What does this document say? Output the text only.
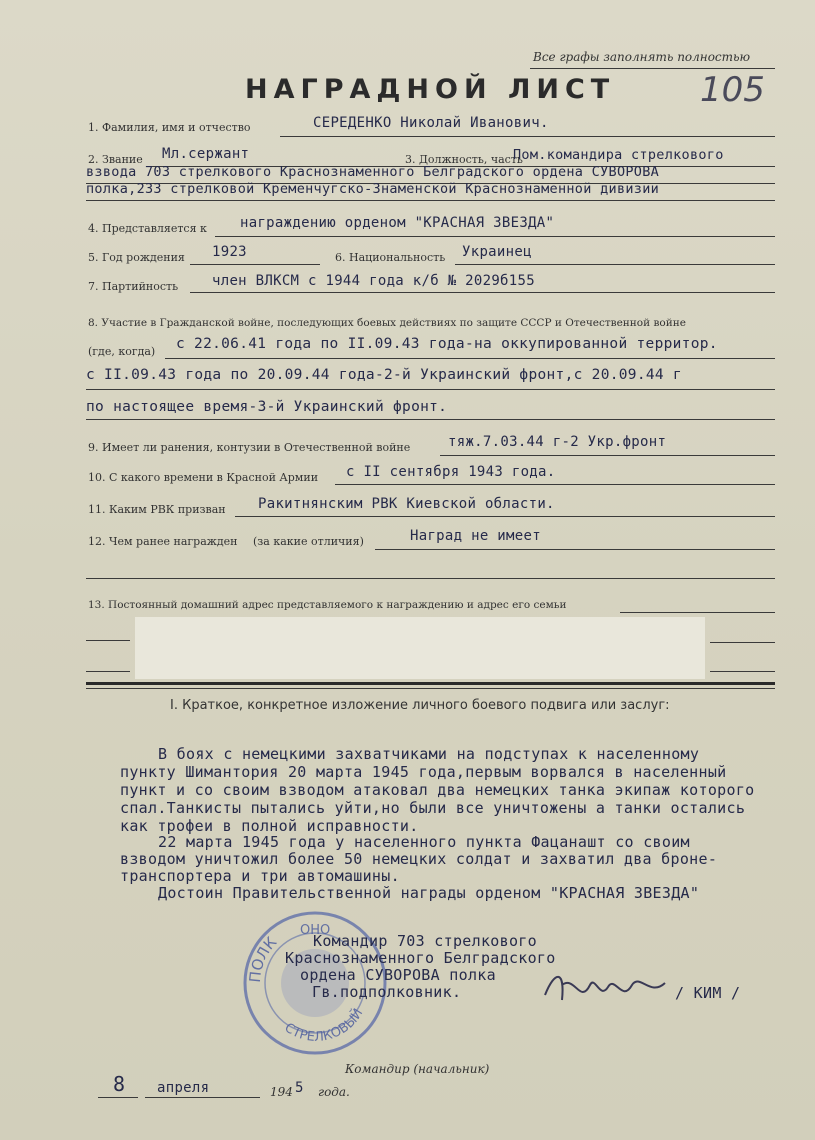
Все графы заполнять полностью
НАГРАДНОЙ ЛИСТ 105
1. Фамилия, имя и отчество	СЕРЕДЕНКО Николай Иванович.
2. Звание Мл.сержант	3. Должность, часть
Пом.командира стрелкового
взвода 703 стрелкового Краснознаменного Белградского ордена СУВОРОВА
полка,233 стрелковой Кременчугско-Знаменской Краснознаменной дивизии
4. Представляется к награждению орденом "КРАСНАЯ ЗВЕЗДА"
5. Год рождения 1923	6. Национальность Украинец
7. Партийность член ВЛКСМ с 1944 года к/б № 2029б155
8. Участие в Гражданской войне, последующих боевых действиях по защите СССР и Отечественной войне
(где, когда) с 22.06.41 года по II.09.43 года-на оккупированной территор.
с II.09.43 года по 20.09.44 года-2-й Украинский фронт,с 20.09.44 г
по настоящее время-3-й Украинский фронт.
9. Имеет ли ранения, контузии в Отечественной войне	тяж.7.03.44 г-2 Укр.фронт
10. С какого времени в Красной Армии с II сентября 1943 года.
11. Каким РВК призван Ракитнянским РВК Киевской области.
12. Чем ранее награжден (за какие отличия)	Наград не имеет
13. Постоянный домашний адрес представляемого к награждению и адрес его семьи
I. Краткое, конкретное изложение личного боевого подвига или заслуг:
В боях с немецкими захватчиками на подступах к населенному
пункту Шимантория 20 марта 1945 года,первым ворвался в населенный
пункт и со своим взводом атаковал два немецких танка экипаж которого
спал.Танкисты пытались уйти,но были все уничтожены а танки остались
как трофеи в полной исправности.
22 марта 1945 года у населенного пункта Фацанашт со своим
взводом уничтожил более 50 немецких солдат и захватил два броне-
транспортера и три автомашины.
Достоин Правительственной награды орденом "КРАСНАЯ ЗВЕЗДА"
ПОЛК
СТРЕЛКОВЫЙ
ОНО
Командир 703 стрелкового
Краснознаменного Белградского
ордена СУВОРОВА полка
Гв.подполковник.	/ КИМ /
Командир (начальник)
8 апреля	194 5 года.
